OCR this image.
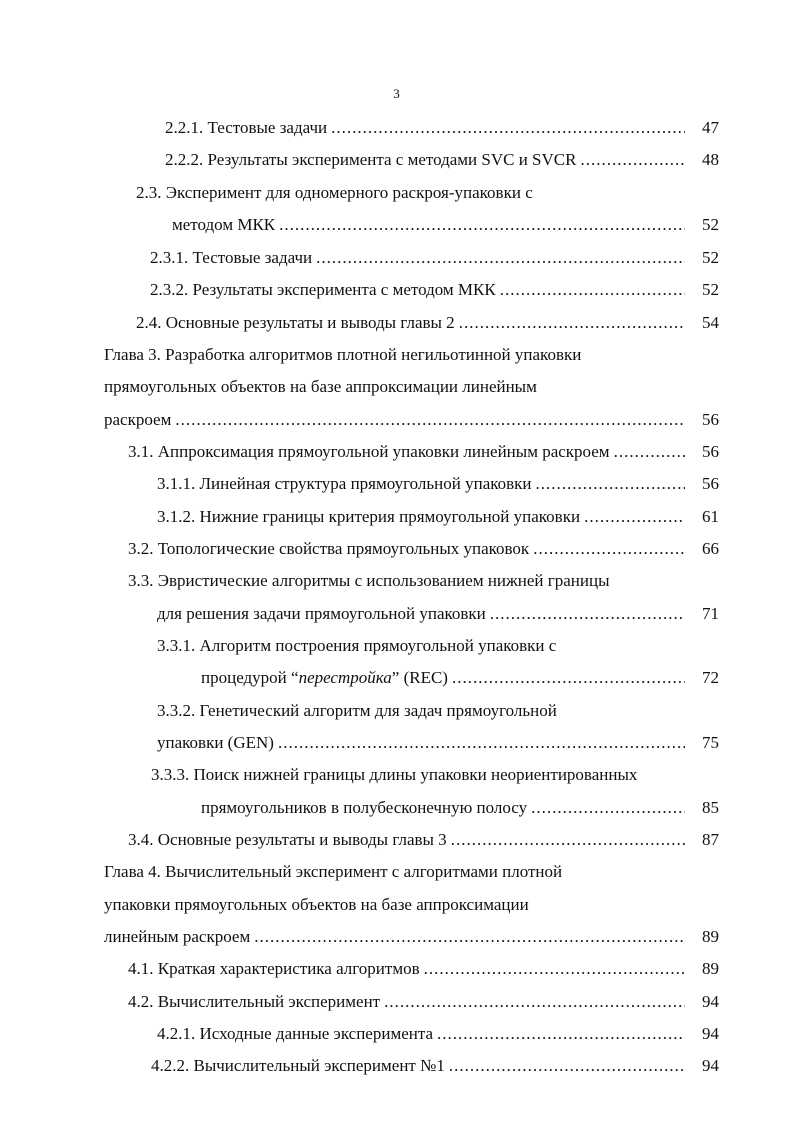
3
2.2.1. Тестовые задачи .....	47
2.2.2. Результаты эксперимента с методами SVC и SVCR .....	48
2.3. Эксперимент для одномерного раскроя-упаковки с
методом МКК .....	52
2.3.1. Тестовые задачи .....	52
2.3.2. Результаты эксперимента с методом МКК .....	52
2.4. Основные результаты и выводы главы 2 .....	54
Глава 3. Разработка алгоритмов плотной негильотинной упаковки
прямоугольных объектов на базе аппроксимации линейным
раскроем .....	56
3.1. Аппроксимация прямоугольной упаковки линейным раскроем .....	56
3.1.1. Линейная структура прямоугольной упаковки .....	56
3.1.2. Нижние границы критерия прямоугольной упаковки .....	61
3.2. Топологические свойства прямоугольных упаковок .....	66
3.3. Эвристические алгоритмы с использованием нижней границы
для решения задачи прямоугольной упаковки .....	71
3.3.1. Алгоритм построения прямоугольной упаковки с
процедурой “перестройка” (REC) .....	72
3.3.2. Генетический алгоритм для задач прямоугольной
упаковки (GEN) .....	75
3.3.3. Поиск нижней границы длины упаковки неориентированных
прямоугольников в полубесконечную полосу .....	85
3.4. Основные результаты и выводы главы 3 .....	87
Глава 4. Вычислительный эксперимент с алгоритмами плотной
упаковки прямоугольных объектов на базе аппроксимации
линейным раскроем .....	89
4.1. Краткая характеристика алгоритмов .....	89
4.2. Вычислительный эксперимент .....	94
4.2.1. Исходные данные эксперимента .....	94
4.2.2. Вычислительный эксперимент №1 .....	94
